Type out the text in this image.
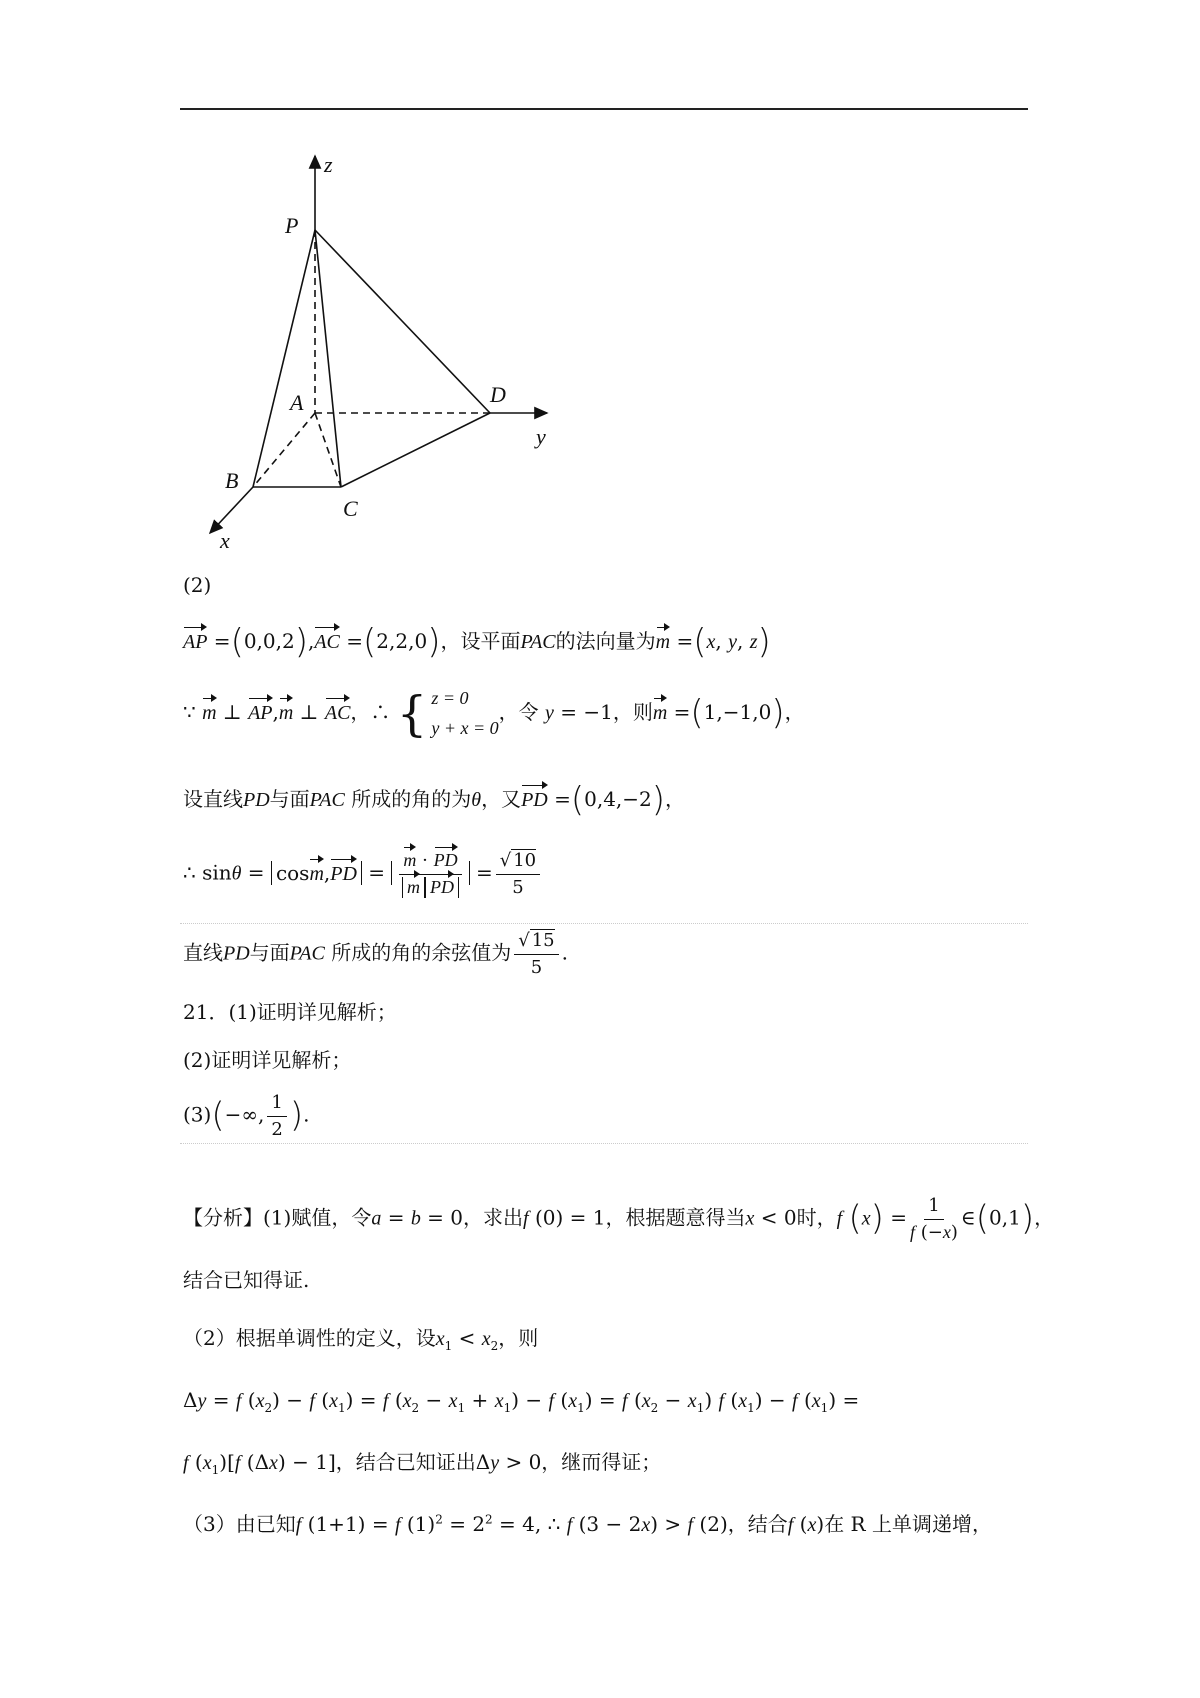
z
y
x
P
A
B
C
D
(2)
AP =(0,0,2),AC =(2,2,0)，设平面PAC的法向量为m =(x, y, z)
∵ m ⊥ AP,m ⊥ AC，∴ { z = 0
y + x = 0
，令 y = −1，则m =(1,−1,0)，
设直线PD与面PAC 所成的角的为θ，又PD =(0,4,−2)，
∴ $\sin\theta = \cos m,PD = \frac{m \cdot PD}{\text{m PD}} = \frac{√ 10}{5}$
直线PD与面PAC 所成的角的余弦值为 $\frac{√ 15}{5}$ .
21．(1)证明详见解析；
(2)证明详见解析；
(3)(−∞, $\frac{1}{2}$ ).
【分析】(1)赋值，令a = b = 0，求出f (0) = 1，根据题意得当x < 0时，f $(x) = \frac{1}{f (-x)}$ ∈(0,1)，
结合已知得证.
（2）根据单调性的定义，设$x_1 < x_2$，则
Δy = f $(x_2) - f$ $(x_1) = f$ $(x_2 - x_1 + x_1) - f$ $(x_1) = f$ $(x_2 - x_1)$ f $(x_1) - f$ $(x_1)$ =
f $(x_1)[f$ (Δx) − 1]，结合已知证出Δy > 0，继而得证；
（3）由已知f (1+1) = f $(1)^2 = 2^2 = 4$, ∴ f (3 − 2x) > f (2)，结合f (x)在 R 上单调递增，
